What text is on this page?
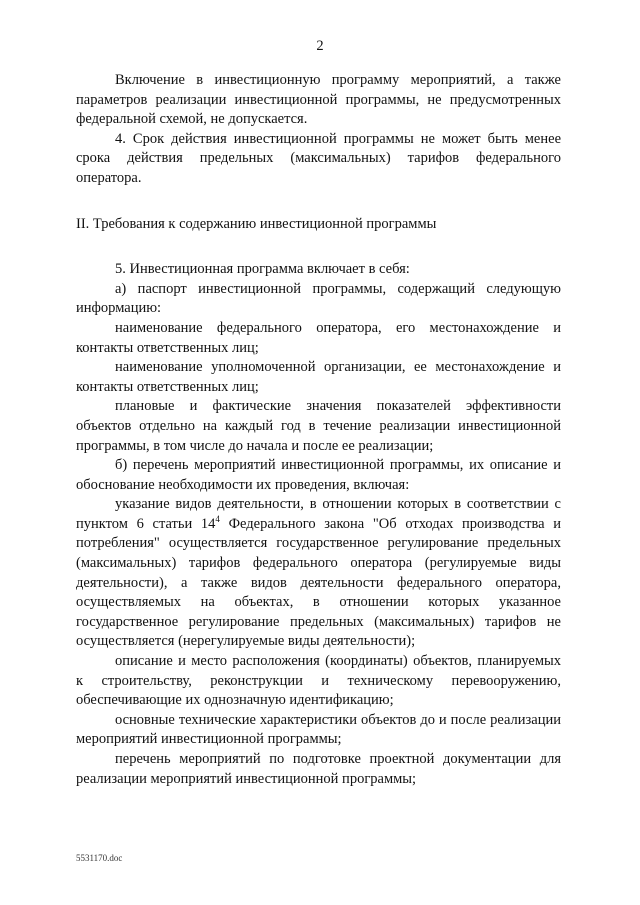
2

Включение в инвестиционную программу мероприятий, а также параметров реализации инвестиционной программы, не предусмотренных федеральной схемой, не допускается.

4. Срок действия инвестиционной программы не может быть менее срока действия предельных (максимальных) тарифов федерального оператора.

II. Требования к содержанию инвестиционной программы

5. Инвестиционная программа включает в себя:

а) паспорт инвестиционной программы, содержащий следующую информацию:

наименование федерального оператора, его местонахождение и контакты ответственных лиц;

наименование уполномоченной организации, ее местонахождение и контакты ответственных лиц;

плановые и фактические значения показателей эффективности объектов отдельно на каждый год в течение реализации инвестиционной программы, в том числе до начала и после ее реализации;

б) перечень мероприятий инвестиционной программы, их описание и обоснование необходимости их проведения, включая:

указание видов деятельности, в отношении которых в соответствии с пунктом 6 статьи $14^4$ Федерального закона "Об отходах производства и потребления" осуществляется государственное регулирование предельных (максимальных) тарифов федерального оператора (регулируемые виды деятельности), а также видов деятельности федерального оператора, осуществляемых на объектах, в отношении которых указанное государственное регулирование предельных (максимальных) тарифов не осуществляется (нерегулируемые виды деятельности);

описание и место расположения (координаты) объектов, планируемых к строительству, реконструкции и техническому перевооружению, обеспечивающие их однозначную идентификацию;

основные технические характеристики объектов до и после реализации мероприятий инвестиционной программы;

перечень мероприятий по подготовке проектной документации для реализации мероприятий инвестиционной программы;

5531170.doc
